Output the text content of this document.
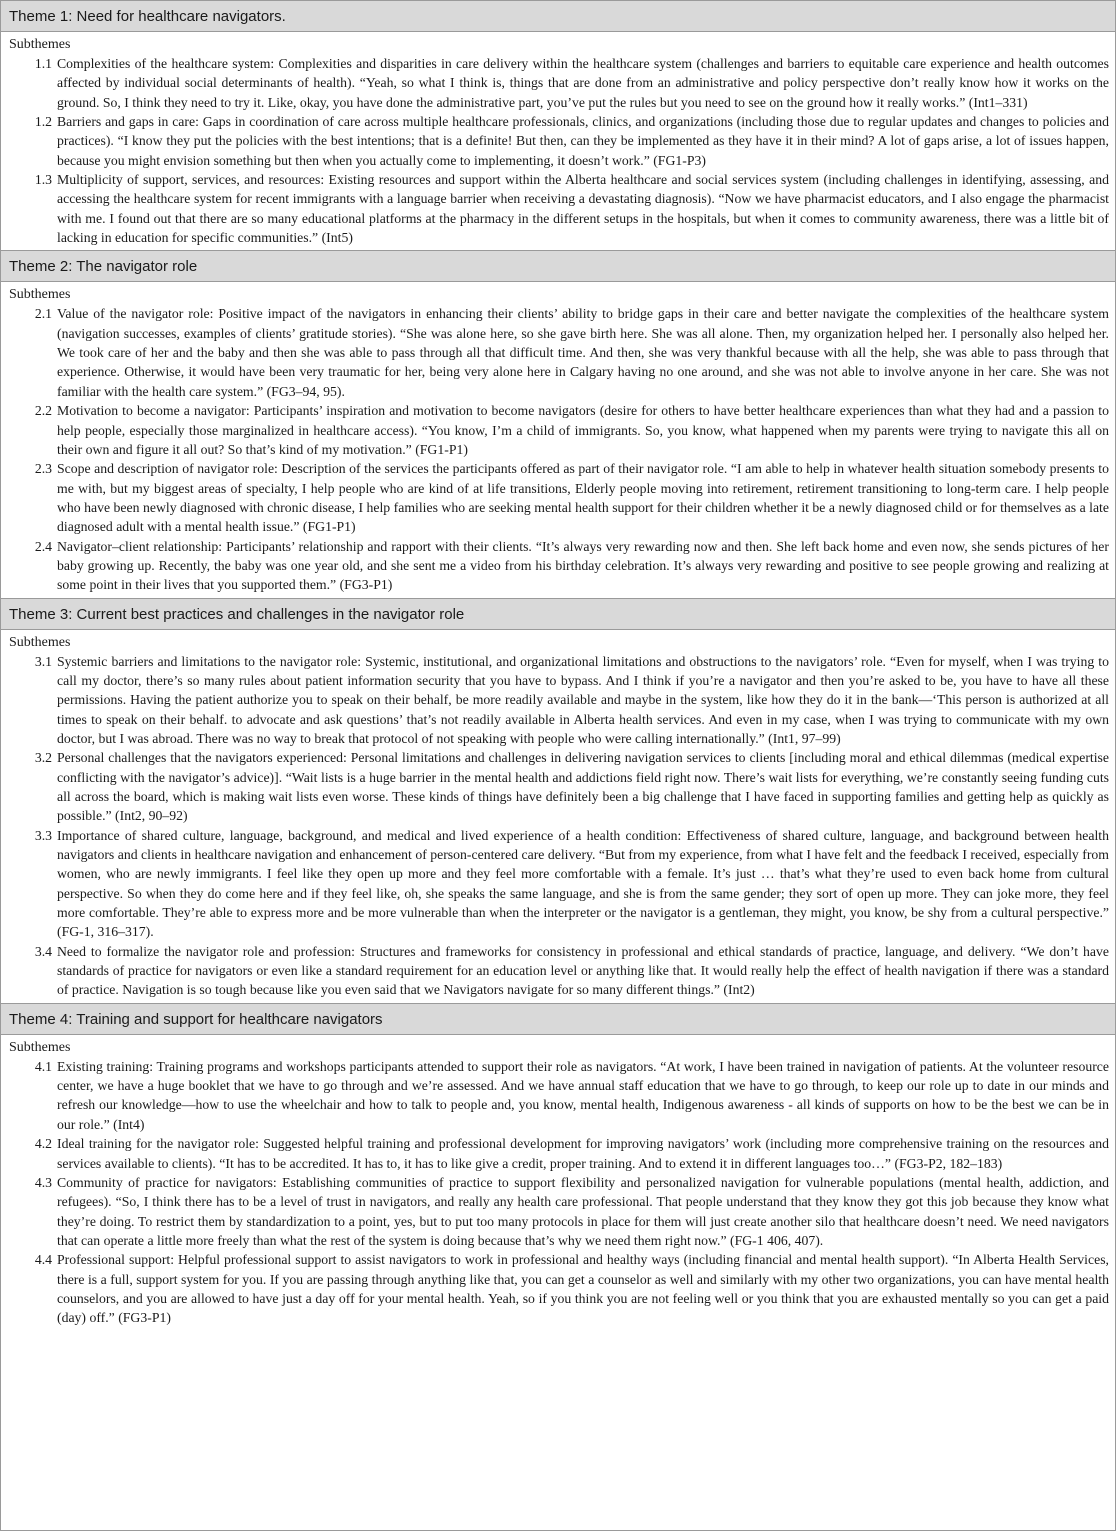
Theme 1: Need for healthcare navigators.
Subthemes
1.1 Complexities of the healthcare system: Complexities and disparities in care delivery within the healthcare system (challenges and barriers to equitable care experience and health outcomes affected by individual social determinants of health). “Yeah, so what I think is, things that are done from an administrative and policy perspective don’t really know how it works on the ground. So, I think they need to try it. Like, okay, you have done the administrative part, you’ve put the rules but you need to see on the ground how it really works.” (Int1–331)
1.2 Barriers and gaps in care: Gaps in coordination of care across multiple healthcare professionals, clinics, and organizations (including those due to regular updates and changes to policies and practices). “I know they put the policies with the best intentions; that is a definite! But then, can they be implemented as they have it in their mind? A lot of gaps arise, a lot of issues happen, because you might envision something but then when you actually come to implementing, it doesn’t work.” (FG1-P3)
1.3 Multiplicity of support, services, and resources: Existing resources and support within the Alberta healthcare and social services system (including challenges in identifying, assessing, and accessing the healthcare system for recent immigrants with a language barrier when receiving a devastating diagnosis). “Now we have pharmacist educators, and I also engage the pharmacist with me. I found out that there are so many educational platforms at the pharmacy in the different setups in the hospitals, but when it comes to community awareness, there was a little bit of lacking in education for specific communities.” (Int5)
Theme 2: The navigator role
Subthemes
2.1 Value of the navigator role: Positive impact of the navigators in enhancing their clients’ ability to bridge gaps in their care and better navigate the complexities of the healthcare system (navigation successes, examples of clients’ gratitude stories). “She was alone here, so she gave birth here. She was all alone. Then, my organization helped her. I personally also helped her. We took care of her and the baby and then she was able to pass through all that difficult time. And then, she was very thankful because with all the help, she was able to pass through that experience. Otherwise, it would have been very traumatic for her, being very alone here in Calgary having no one around, and she was not able to involve anyone in her care. She was not familiar with the health care system.” (FG3–94, 95).
2.2 Motivation to become a navigator: Participants’ inspiration and motivation to become navigators (desire for others to have better healthcare experiences than what they had and a passion to help people, especially those marginalized in healthcare access). “You know, I’m a child of immigrants. So, you know, what happened when my parents were trying to navigate this all on their own and figure it all out? So that’s kind of my motivation.” (FG1-P1)
2.3 Scope and description of navigator role: Description of the services the participants offered as part of their navigator role. “I am able to help in whatever health situation somebody presents to me with, but my biggest areas of specialty, I help people who are kind of at life transitions, Elderly people moving into retirement, retirement transitioning to long-term care. I help people who have been newly diagnosed with chronic disease, I help families who are seeking mental health support for their children whether it be a newly diagnosed child or for themselves as a late diagnosed adult with a mental health issue.” (FG1-P1)
2.4 Navigator–client relationship: Participants’ relationship and rapport with their clients. “It’s always very rewarding now and then. She left back home and even now, she sends pictures of her baby growing up. Recently, the baby was one year old, and she sent me a video from his birthday celebration. It’s always very rewarding and positive to see people growing and realizing at some point in their lives that you supported them.” (FG3-P1)
Theme 3: Current best practices and challenges in the navigator role
Subthemes
3.1 Systemic barriers and limitations to the navigator role: Systemic, institutional, and organizational limitations and obstructions to the navigators’ role. “Even for myself, when I was trying to call my doctor, there’s so many rules about patient information security that you have to bypass. And I think if you’re a navigator and then you’re asked to be, you have to have all these permissions. Having the patient authorize you to speak on their behalf, be more readily available and maybe in the system, like how they do it in the bank—‘This person is authorized at all times to speak on their behalf. to advocate and ask questions’ that’s not readily available in Alberta health services. And even in my case, when I was trying to communicate with my own doctor, but I was abroad. There was no way to break that protocol of not speaking with people who were calling internationally.” (Int1, 97–99)
3.2 Personal challenges that the navigators experienced: Personal limitations and challenges in delivering navigation services to clients [including moral and ethical dilemmas (medical expertise conflicting with the navigator’s advice)]. “Wait lists is a huge barrier in the mental health and addictions field right now. There’s wait lists for everything, we’re constantly seeing funding cuts all across the board, which is making wait lists even worse. These kinds of things have definitely been a big challenge that I have faced in supporting families and getting help as quickly as possible.” (Int2, 90–92)
3.3 Importance of shared culture, language, background, and medical and lived experience of a health condition: Effectiveness of shared culture, language, and background between health navigators and clients in healthcare navigation and enhancement of person-centered care delivery. “But from my experience, from what I have felt and the feedback I received, especially from women, who are newly immigrants. I feel like they open up more and they feel more comfortable with a female. It’s just … that’s what they’re used to even back home from cultural perspective. So when they do come here and if they feel like, oh, she speaks the same language, and she is from the same gender; they sort of open up more. They can joke more, they feel more comfortable. They’re able to express more and be more vulnerable than when the interpreter or the navigator is a gentleman, they might, you know, be shy from a cultural perspective.” (FG-1, 316–317).
3.4 Need to formalize the navigator role and profession: Structures and frameworks for consistency in professional and ethical standards of practice, language, and delivery. “We don’t have standards of practice for navigators or even like a standard requirement for an education level or anything like that. It would really help the effect of health navigation if there was a standard of practice. Navigation is so tough because like you even said that we Navigators navigate for so many different things.” (Int2)
Theme 4: Training and support for healthcare navigators
Subthemes
4.1 Existing training: Training programs and workshops participants attended to support their role as navigators. “At work, I have been trained in navigation of patients. At the volunteer resource center, we have a huge booklet that we have to go through and we’re assessed. And we have annual staff education that we have to go through, to keep our role up to date in our minds and refresh our knowledge—how to use the wheelchair and how to talk to people and, you know, mental health, Indigenous awareness - all kinds of supports on how to be the best we can be in our role.” (Int4)
4.2 Ideal training for the navigator role: Suggested helpful training and professional development for improving navigators’ work (including more comprehensive training on the resources and services available to clients). “It has to be accredited. It has to, it has to like give a credit, proper training. And to extend it in different languages too…” (FG3-P2, 182–183)
4.3 Community of practice for navigators: Establishing communities of practice to support flexibility and personalized navigation for vulnerable populations (mental health, addiction, and refugees). “So, I think there has to be a level of trust in navigators, and really any health care professional. That people understand that they know they got this job because they know what they’re doing. To restrict them by standardization to a point, yes, but to put too many protocols in place for them will just create another silo that healthcare doesn’t need. We need navigators that can operate a little more freely than what the rest of the system is doing because that’s why we need them right now.” (FG-1 406, 407).
4.4 Professional support: Helpful professional support to assist navigators to work in professional and healthy ways (including financial and mental health support). “In Alberta Health Services, there is a full, support system for you. If you are passing through anything like that, you can get a counselor as well and similarly with my other two organizations, you can have mental health counselors, and you are allowed to have just a day off for your mental health. Yeah, so if you think you are not feeling well or you think that you are exhausted mentally so you can get a paid (day) off.” (FG3-P1)
